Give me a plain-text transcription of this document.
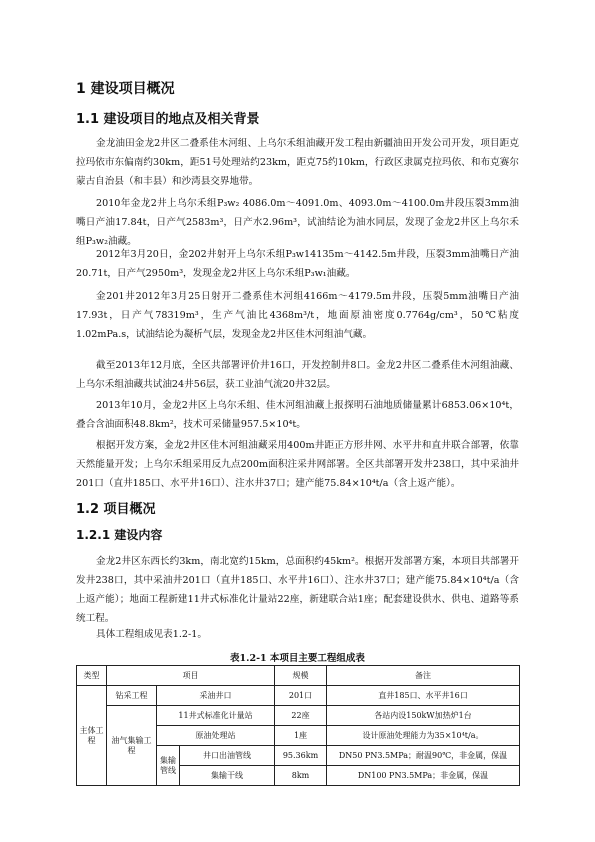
1 建设项目概况
1.1 建设项目的地点及相关背景

金龙油田金龙2井区二叠系佳木河组、上乌尔禾组油藏开发工程由新疆油田开发公司开发，项目距克拉玛依市东偏南约30km，距51号处理站约23km，距克75约10km，行政区隶属克拉玛依、和布克赛尔蒙古自治县（和丰县）和沙湾县交界地带。

2010年金龙2井上乌尔禾组P₃w₂ 4086.0m～4091.0m、4093.0m～4100.0m井段压裂3mm油嘴日产油17.84t，日产气2583m³，日产水2.96m³，试油结论为油水同层，发现了金龙2井区上乌尔禾组P₃w₂油藏。

2012年3月20日，金202井射开上乌尔禾组P₃w14135m～4142.5m井段，压裂3mm油嘴日产油20.71t，日产气2950m³，发现金龙2井区上乌尔禾组P₃w₁油藏。

金201井2012年3月25日射开二叠系佳木河组4166m～4179.5m井段，压裂5mm油嘴日产油17.93t，日产气78319m³，生产气油比4368m³/t，地面原油密度0.7764g/cm³，50℃粘度1.02mPa.s，试油结论为凝析气层，发现金龙2井区佳木河组油气藏。

截至2013年12月底，全区共部署评价井16口，开发控制井8口。金龙2井区二叠系佳木河组油藏、上乌尔禾组油藏共试油24井56层，获工业油气流20井32层。

2013年10月，金龙2井区上乌尔禾组、佳木河组油藏上报探明石油地质储量累计6853.06×10⁴t，叠合含油面积48.8km²，技术可采储量957.5×10⁴t。

根据开发方案，金龙2井区佳木河组油藏采用400m井距正方形井网、水平井和直井联合部署，依靠天然能量开发；上乌尔禾组采用反九点200m面积注采井网部署。全区共部署开发井238口，其中采油井201口（直井185口、水平井16口）、注水井37口；建产能75.84×10⁴t/a（含上返产能）。

1.2 项目概况
1.2.1 建设内容

金龙2井区东西长约3km，南北宽约15km，总面积约45km²。根据开发部署方案，本项目共部署开发井238口，其中采油井201口（直井185口、水平井16口）、注水井37口；建产能75.84×10⁴t/a（含上返产能）；地面工程新建11井式标准化计量站22座，新建联合站1座；配套建设供水、供电、道路等系统工程。

具体工程组成见表1.2-1。

表1.2-1 本项目主要工程组成表
类型	项目			规模	备注
主体工程	钻采工程	采油井口		201口	直井185口、水平井16口
	油气集输工程	11井式标准化计量站		22座	各站内设150kW加热炉1台
		原油处理站		1座	设计原油处理能力为35×10⁴t/a。
		集输管线	井口出油管线	95.36km	DN50 PN3.5MPa；耐温90℃，非金属，保温
			集输干线	8km	DN100 PN3.5MPa；非金属，保温
